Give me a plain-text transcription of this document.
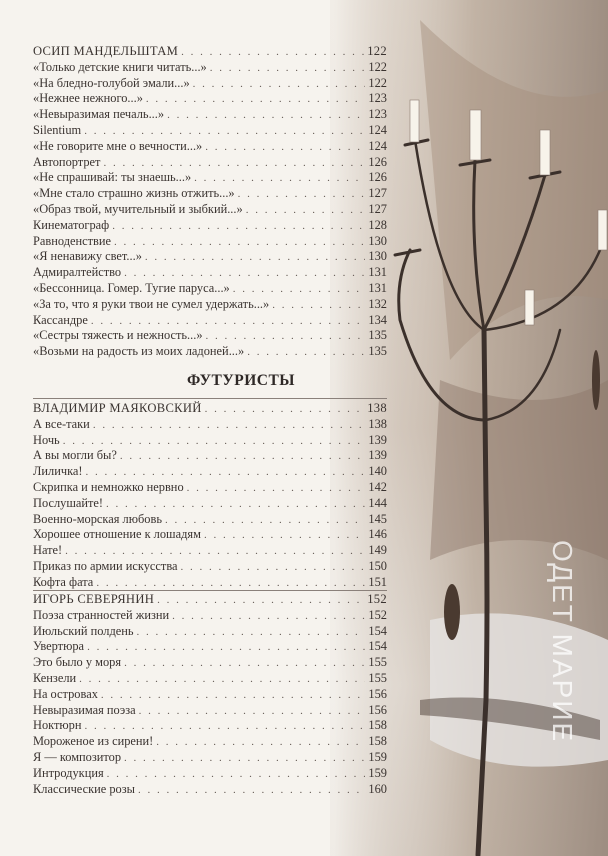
ОСИП МАНДЕЛЬШТАМ . . .	122
«Только детские книги читать...» . . .	122
«На бледно-голубой эмали...» . . .	122
«Нежнее нежного...» . . .	123
«Невыразимая печаль...» . . .	123
Silentium . . .	124
«Не говорите мне о вечности...» . . .	124
Автопортрет . . .	126
«Не спрашивай: ты знаешь...» . . .	126
«Мне стало страшно жизнь отжить...» . . .	127
«Образ твой, мучительный и зыбкий...» . . .	127
Кинематограф . . .	128
Равноденствие . . .	130
«Я ненавижу свет...» . . .	130
Адмиралтейство . . .	131
«Бессонница. Гомер. Тугие паруса...» . . .	131
«За то, что я руки твои не сумел удержать...» . . .	132
Кассандре . . .	134
«Сестры тяжесть и нежность...» . . .	135
«Возьми на радость из моих ладоней...» . . .	135
ФУТУРИСТЫ
ВЛАДИМИР МАЯКОВСКИЙ . . .	138
А все-таки . . .	138
Ночь . . .	139
А вы могли бы? . . .	139
Лиличка! . . .	140
Скрипка и немножко нервно . . .	142
Послушайте! . . .	144
Военно-морская любовь . . .	145
Хорошее отношение к лошадям . . .	146
Нате! . . .	149
Приказ по армии искусства . . .	150
Кофта фата . . .	151
ИГОРЬ СЕВЕРЯНИН . . .	152
Поэза странностей жизни . . .	152
Июльский полдень . . .	154
Увертюра . . .	154
Это было у моря . . .	155
Кензели . . .	155
На островах . . .	156
Невыразимая поэза . . .	156
Ноктюрн . . .	158
Мороженое из сирени! . . .	158
Я — композитор . . .	159
Интродукция . . .	159
Классические розы . . .	160
ОДЕТ МАРИЕ
